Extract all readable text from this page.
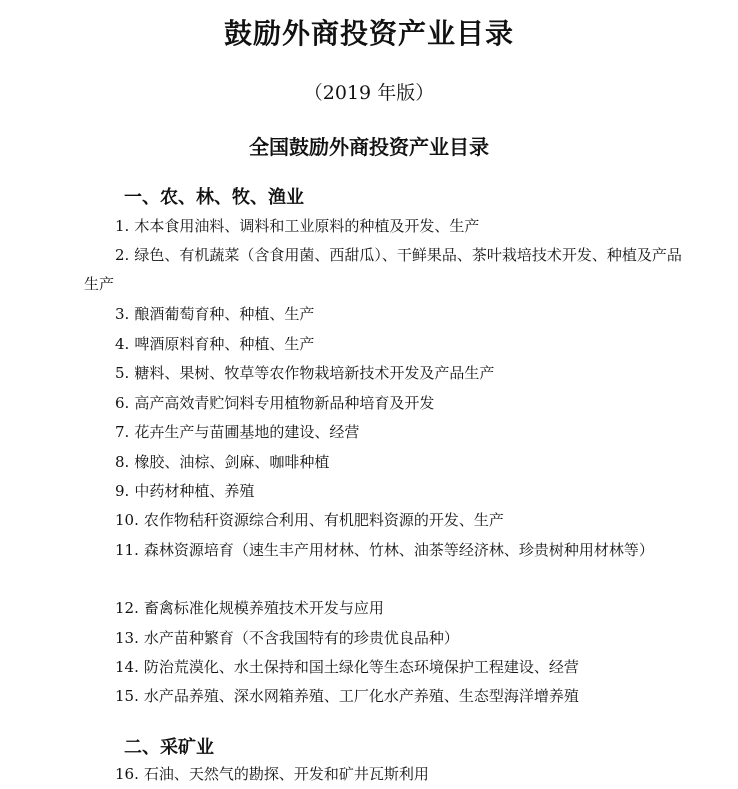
鼓励外商投资产业目录
（2019 年版）
全国鼓励外商投资产业目录
一、农、林、牧、渔业
1. 木本食用油料、调料和工业原料的种植及开发、生产
2. 绿色、有机蔬菜（含食用菌、西甜瓜）、干鲜果品、茶叶栽培技术开发、种植及产品生产
3. 酿酒葡萄育种、种植、生产
4. 啤酒原料育种、种植、生产
5. 糖料、果树、牧草等农作物栽培新技术开发及产品生产
6. 高产高效青贮饲料专用植物新品种培育及开发
7. 花卉生产与苗圃基地的建设、经营
8. 橡胶、油棕、剑麻、咖啡种植
9. 中药材种植、养殖
10. 农作物秸秆资源综合利用、有机肥料资源的开发、生产
11. 森林资源培育（速生丰产用材林、竹林、油茶等经济林、珍贵树种用材林等）
12. 畜禽标准化规模养殖技术开发与应用
13. 水产苗种繁育（不含我国特有的珍贵优良品种）
14. 防治荒漠化、水土保持和国土绿化等生态环境保护工程建设、经营
15. 水产品养殖、深水网箱养殖、工厂化水产养殖、生态型海洋增养殖
二、采矿业
16. 石油、天然气的勘探、开发和矿井瓦斯利用
